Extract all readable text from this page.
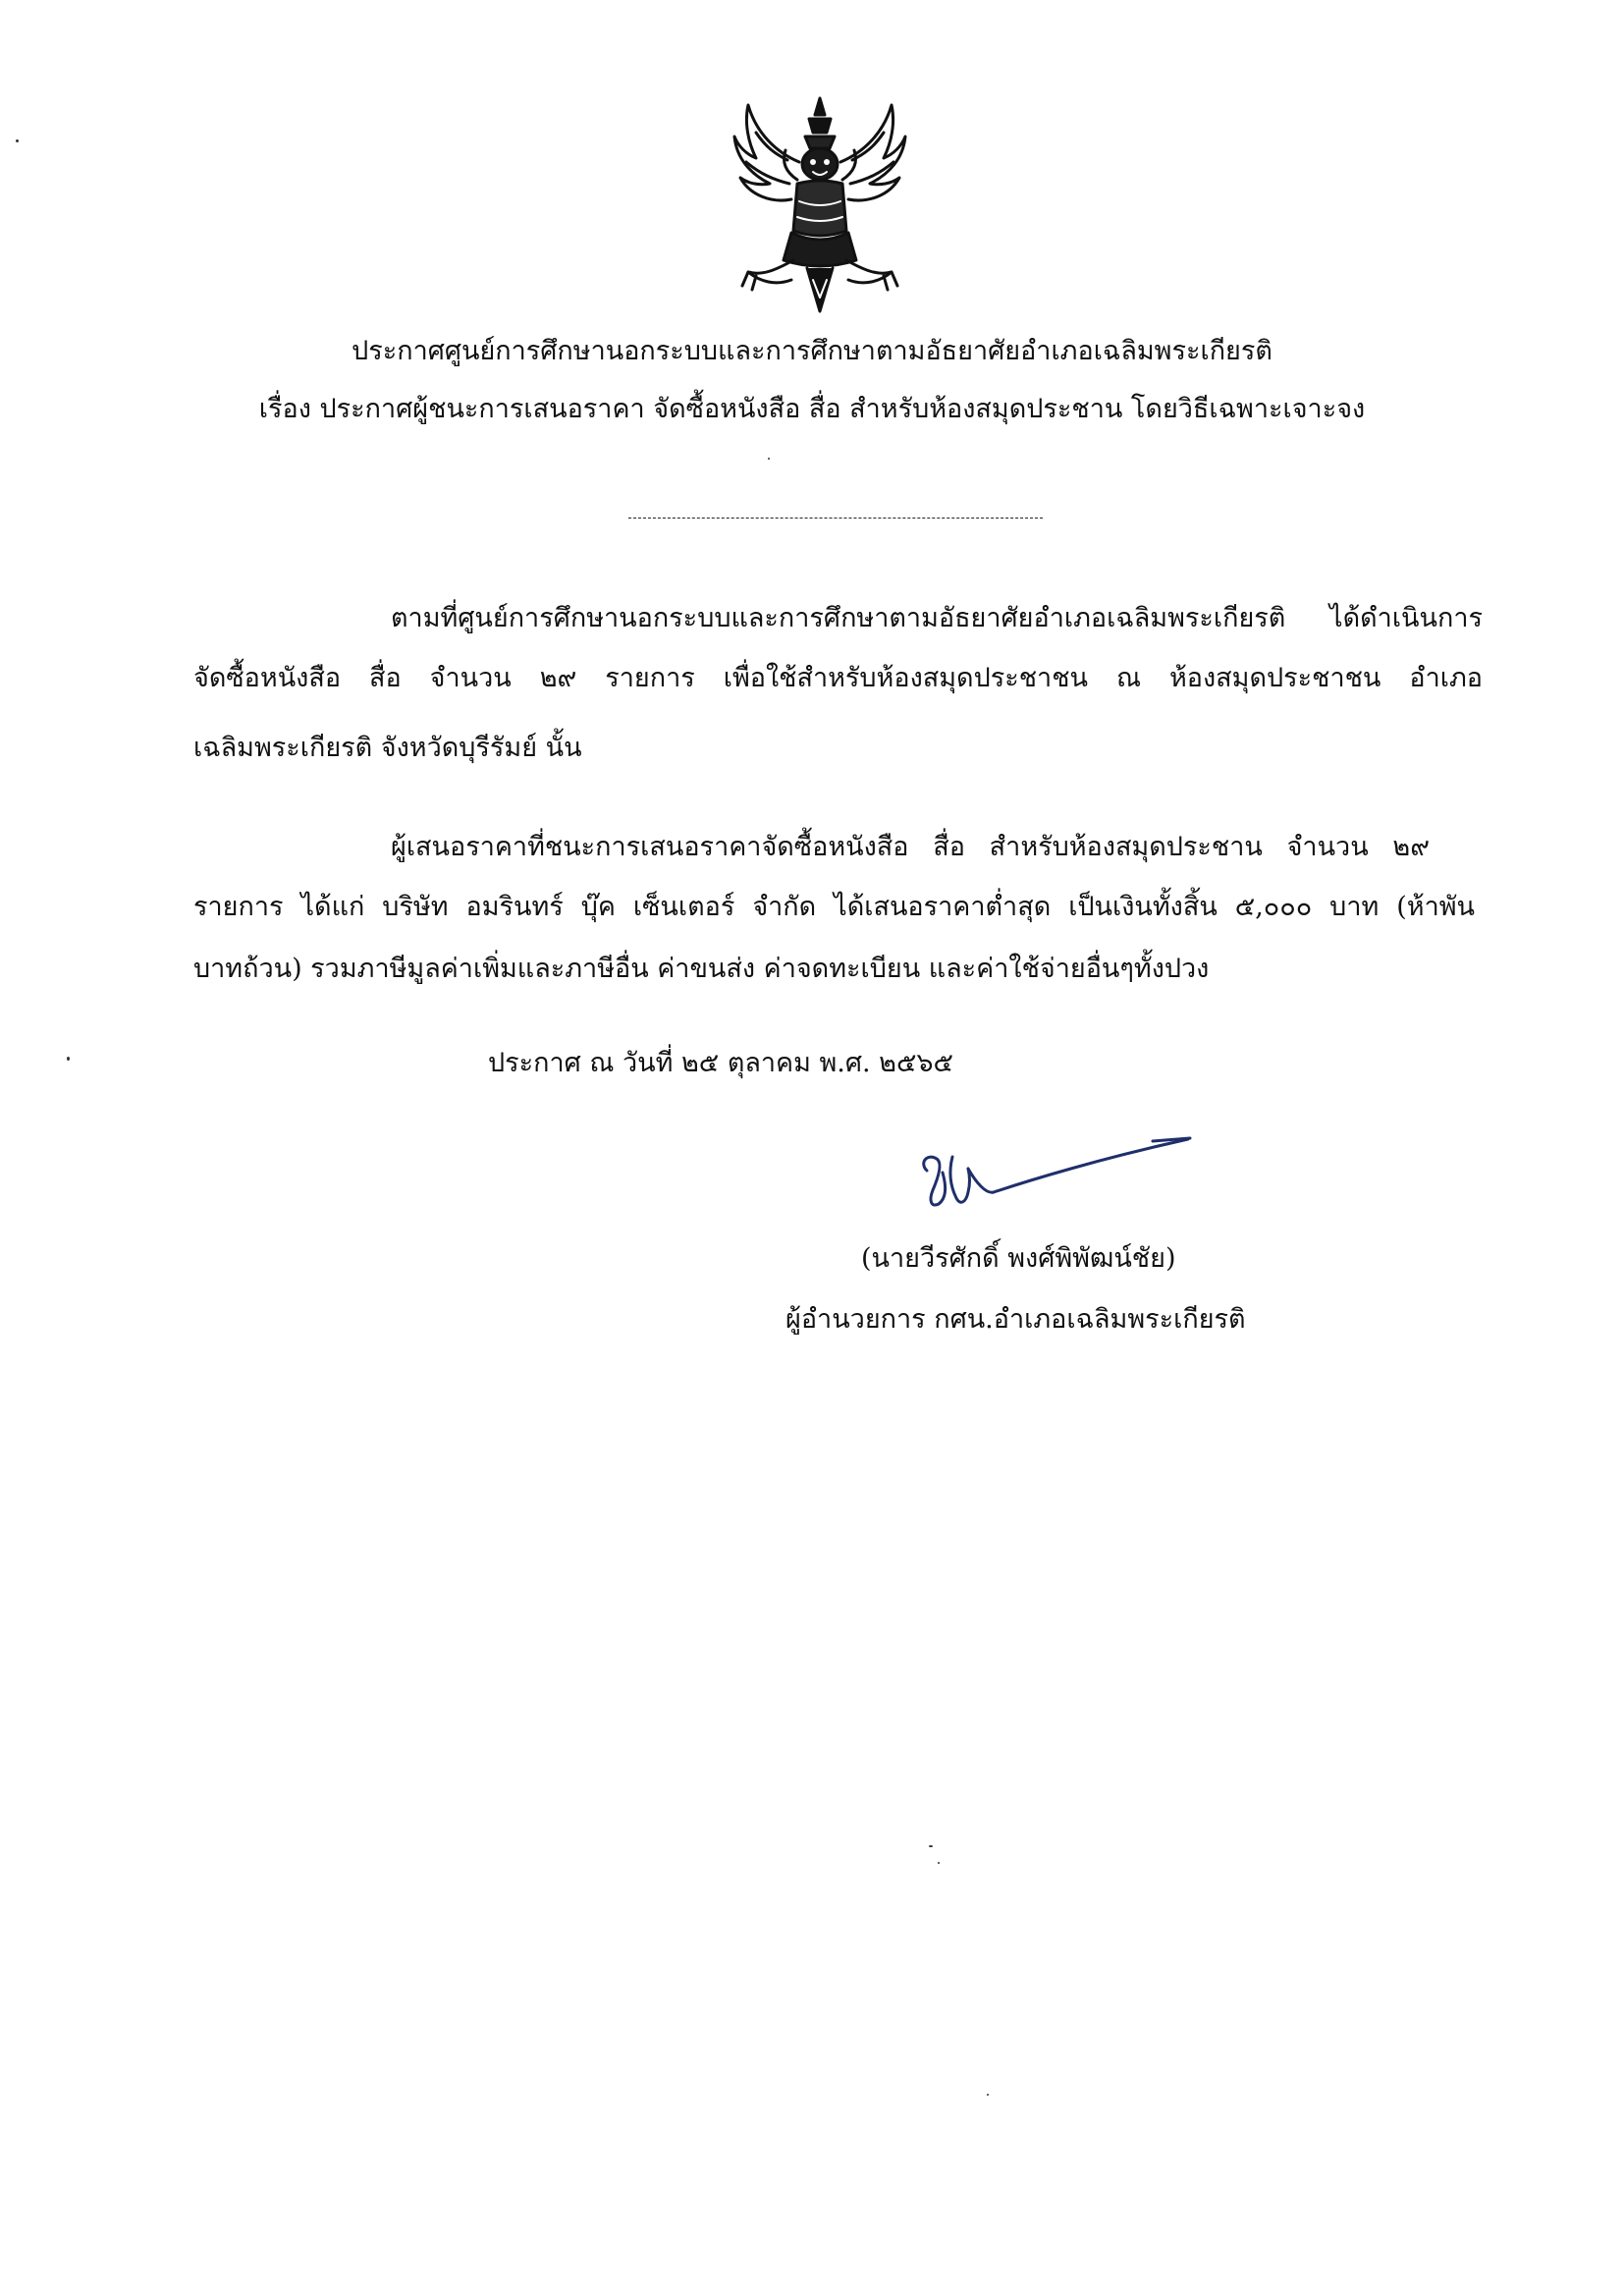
ประกาศศูนย์การศึกษานอกระบบและการศึกษาตามอัธยาศัยอำเภอเฉลิมพระเกียรติ
เรื่อง ประกาศผู้ชนะการเสนอราคา จัดซื้อหนังสือ สื่อ สำหรับห้องสมุดประชาน โดยวิธีเฉพาะเจาะจง
ตามที่ศูนย์การศึกษานอกระบบและการศึกษาตามอัธยาศัยอำเภอเฉลิมพระเกียรติ ได้ดำเนินการ
จัดซื้อหนังสือ สื่อ จำนวน ๒๙ รายการ เพื่อใช้สำหรับห้องสมุดประชาชน ณ ห้องสมุดประชาชน อำเภอ
เฉลิมพระเกียรติ จังหวัดบุรีรัมย์ นั้น
ผู้เสนอราคาที่ชนะการเสนอราคาจัดซื้อหนังสือ สื่อ สำหรับห้องสมุดประชาน จำนวน ๒๙
รายการ ได้แก่ บริษัท อมรินทร์ บุ๊ค เซ็นเตอร์ จำกัด ได้เสนอราคาต่ำสุด เป็นเงินทั้งสิ้น ๕,๐๐๐ บาท (ห้าพัน
บาทถ้วน) รวมภาษีมูลค่าเพิ่มและภาษีอื่น ค่าขนส่ง ค่าจดทะเบียน และค่าใช้จ่ายอื่นๆทั้งปวง
ประกาศ ณ วันที่ ๒๕ ตุลาคม พ.ศ. ๒๕๖๕
(นายวีรศักดิ์ พงศ์พิพัฒน์ชัย)
ผู้อำนวยการ กศน.อำเภอเฉลิมพระเกียรติ
